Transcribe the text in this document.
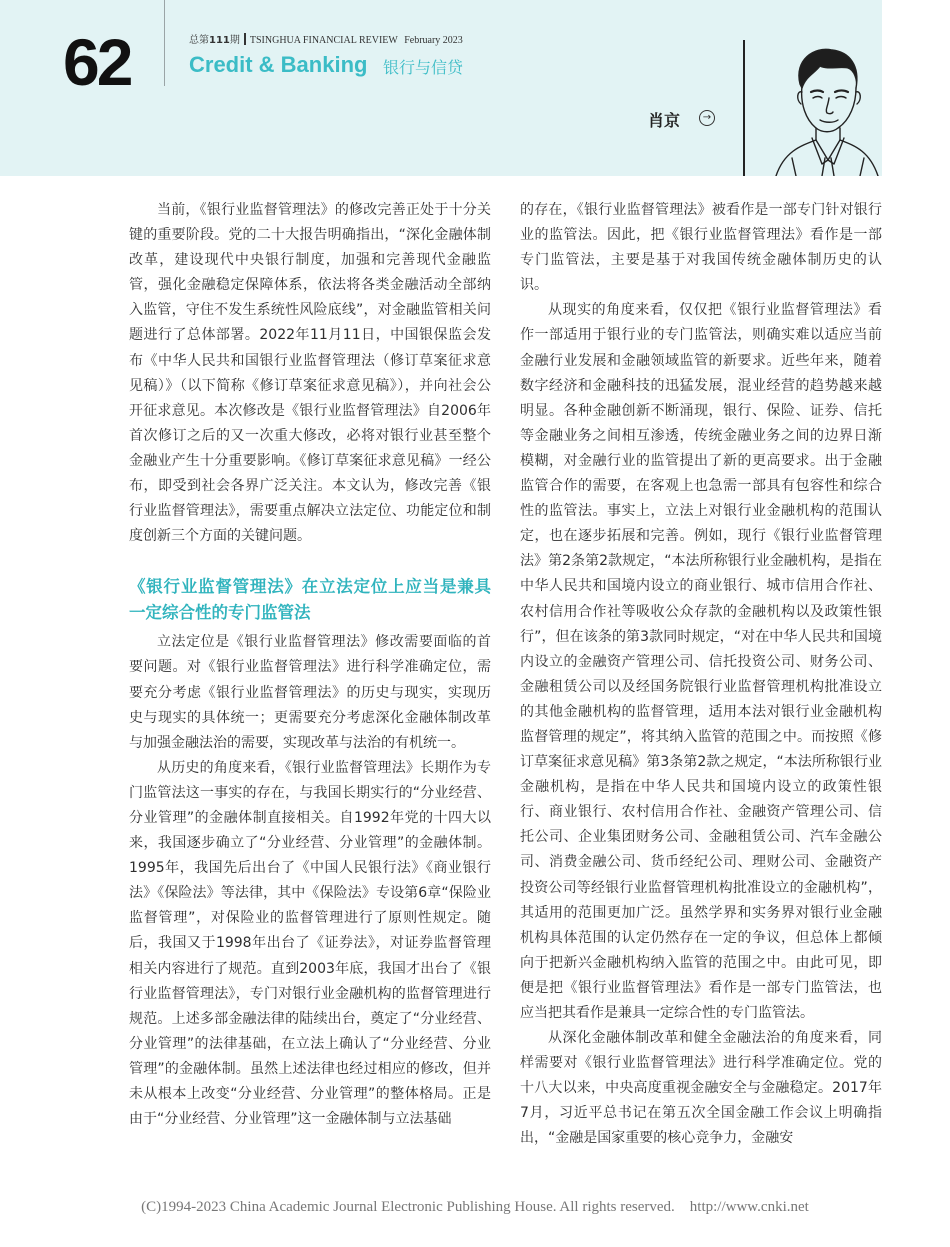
62	总第111期 TSINGHUA FINANCIAL REVIEW February 2023
Credit & Banking 银行与信贷
肖京	→

当前，《银行业监督管理法》的修改完善正处于十分关键的重要阶段。党的二十大报告明确指出，“深化金融体制改革，建设现代中央银行制度，加强和完善现代金融监管，强化金融稳定保障体系，依法将各类金融活动全部纳入监管，守住不发生系统性风险底线”，对金融监管相关问题进行了总体部署。2022年11月11日，中国银保监会发布《中华人民共和国银行业监督管理法（修订草案征求意见稿）》（以下简称《修订草案征求意见稿》），并向社会公开征求意见。本次修改是《银行业监督管理法》自2006年首次修订之后的又一次重大修改，必将对银行业甚至整个金融业产生十分重要影响。《修订草案征求意见稿》一经公布，即受到社会各界广泛关注。本文认为，修改完善《银行业监督管理法》，需要重点解决立法定位、功能定位和制度创新三个方面的关键问题。

《银行业监督管理法》在立法定位上应当是兼具一定综合性的专门监管法

立法定位是《银行业监督管理法》修改需要面临的首要问题。对《银行业监督管理法》进行科学准确定位，需要充分考虑《银行业监督管理法》的历史与现实，实现历史与现实的具体统一；更需要充分考虑深化金融体制改革与加强金融法治的需要，实现改革与法治的有机统一。

从历史的角度来看，《银行业监督管理法》长期作为专门监管法这一事实的存在，与我国长期实行的“分业经营、分业管理”的金融体制直接相关。自1992年党的十四大以来，我国逐步确立了“分业经营、分业管理”的金融体制。1995年，我国先后出台了《中国人民银行法》《商业银行法》《保险法》等法律，其中《保险法》专设第6章“保险业监督管理”，对保险业的监督管理进行了原则性规定。随后，我国又于1998年出台了《证券法》，对证券监督管理相关内容进行了规范。直到2003年底，我国才出台了《银行业监督管理法》，专门对银行业金融机构的监督管理进行规范。上述多部金融法律的陆续出台，奠定了“分业经营、分业管理”的法律基础，在立法上确认了“分业经营、分业管理”的金融体制。虽然上述法律也经过相应的修改，但并未从根本上改变“分业经营、分业管理”的整体格局。正是由于“分业经营、分业管理”这一金融体制与立法基础

的存在，《银行业监督管理法》被看作是一部专门针对银行业的监管法。因此，把《银行业监督管理法》看作是一部专门监管法，主要是基于对我国传统金融体制历史的认识。

从现实的角度来看，仅仅把《银行业监督管理法》看作一部适用于银行业的专门监管法，则确实难以适应当前金融行业发展和金融领域监管的新要求。近些年来，随着数字经济和金融科技的迅猛发展，混业经营的趋势越来越明显。各种金融创新不断涌现，银行、保险、证券、信托等金融业务之间相互渗透，传统金融业务之间的边界日渐模糊，对金融行业的监管提出了新的更高要求。出于金融监管合作的需要，在客观上也急需一部具有包容性和综合性的监管法。事实上，立法上对银行业金融机构的范围认定，也在逐步拓展和完善。例如，现行《银行业监督管理法》第2条第2款规定，“本法所称银行业金融机构，是指在中华人民共和国境内设立的商业银行、城市信用合作社、农村信用合作社等吸收公众存款的金融机构以及政策性银行”，但在该条的第3款同时规定，“对在中华人民共和国境内设立的金融资产管理公司、信托投资公司、财务公司、金融租赁公司以及经国务院银行业监督管理机构批准设立的其他金融机构的监督管理，适用本法对银行业金融机构监督管理的规定”，将其纳入监管的范围之中。而按照《修订草案征求意见稿》第3条第2款之规定，“本法所称银行业金融机构，是指在中华人民共和国境内设立的政策性银行、商业银行、农村信用合作社、金融资产管理公司、信托公司、企业集团财务公司、金融租赁公司、汽车金融公司、消费金融公司、货币经纪公司、理财公司、金融资产投资公司等经银行业监督管理机构批准设立的金融机构”，其适用的范围更加广泛。虽然学界和实务界对银行业金融机构具体范围的认定仍然存在一定的争议，但总体上都倾向于把新兴金融机构纳入监管的范围之中。由此可见，即便是把《银行业监督管理法》看作是一部专门监管法，也应当把其看作是兼具一定综合性的专门监管法。

从深化金融体制改革和健全金融法治的角度来看，同样需要对《银行业监督管理法》进行科学准确定位。党的十八大以来，中央高度重视金融安全与金融稳定。2017年7月，习近平总书记在第五次全国金融工作会议上明确指出，“金融是国家重要的核心竞争力，金融安

(C)1994-2023 China Academic Journal Electronic Publishing House. All rights reserved.    http://www.cnki.net
